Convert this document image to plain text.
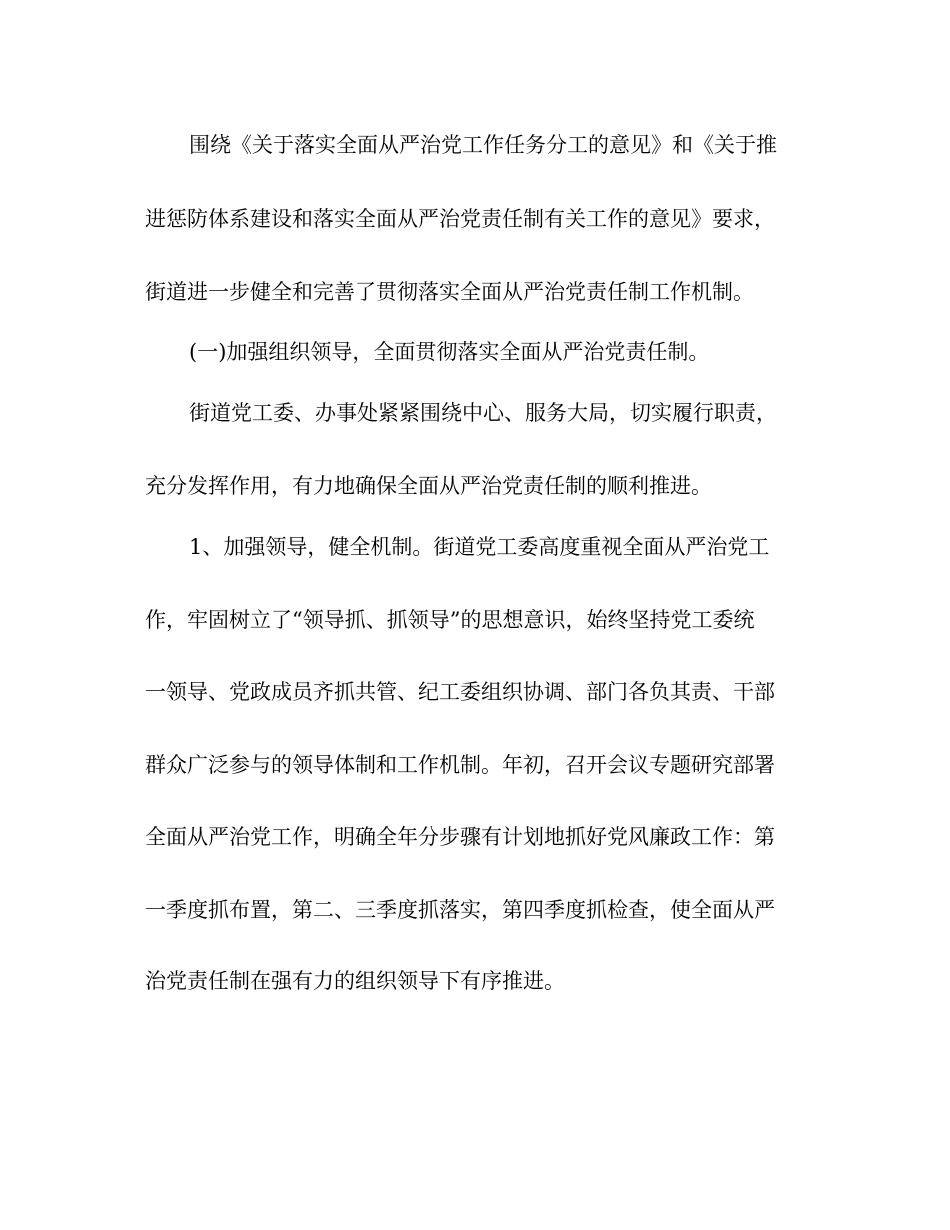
围绕《关于落实全面从严治党工作任务分工的意见》和《关于推
进惩防体系建设和落实全面从严治党责任制有关工作的意见》要求，
街道进一步健全和完善了贯彻落实全面从严治党责任制工作机制。
(一)加强组织领导，全面贯彻落实全面从严治党责任制。
街道党工委、办事处紧紧围绕中心、服务大局，切实履行职责，
充分发挥作用，有力地确保全面从严治党责任制的顺利推进。
1、加强领导，健全机制。街道党工委高度重视全面从严治党工
作，牢固树立了“领导抓、抓领导”的思想意识，始终坚持党工委统
一领导、党政成员齐抓共管、纪工委组织协调、部门各负其责、干部
群众广泛参与的领导体制和工作机制。年初，召开会议专题研究部署
全面从严治党工作，明确全年分步骤有计划地抓好党风廉政工作：第
一季度抓布置，第二、三季度抓落实，第四季度抓检查，使全面从严
治党责任制在强有力的组织领导下有序推进。
